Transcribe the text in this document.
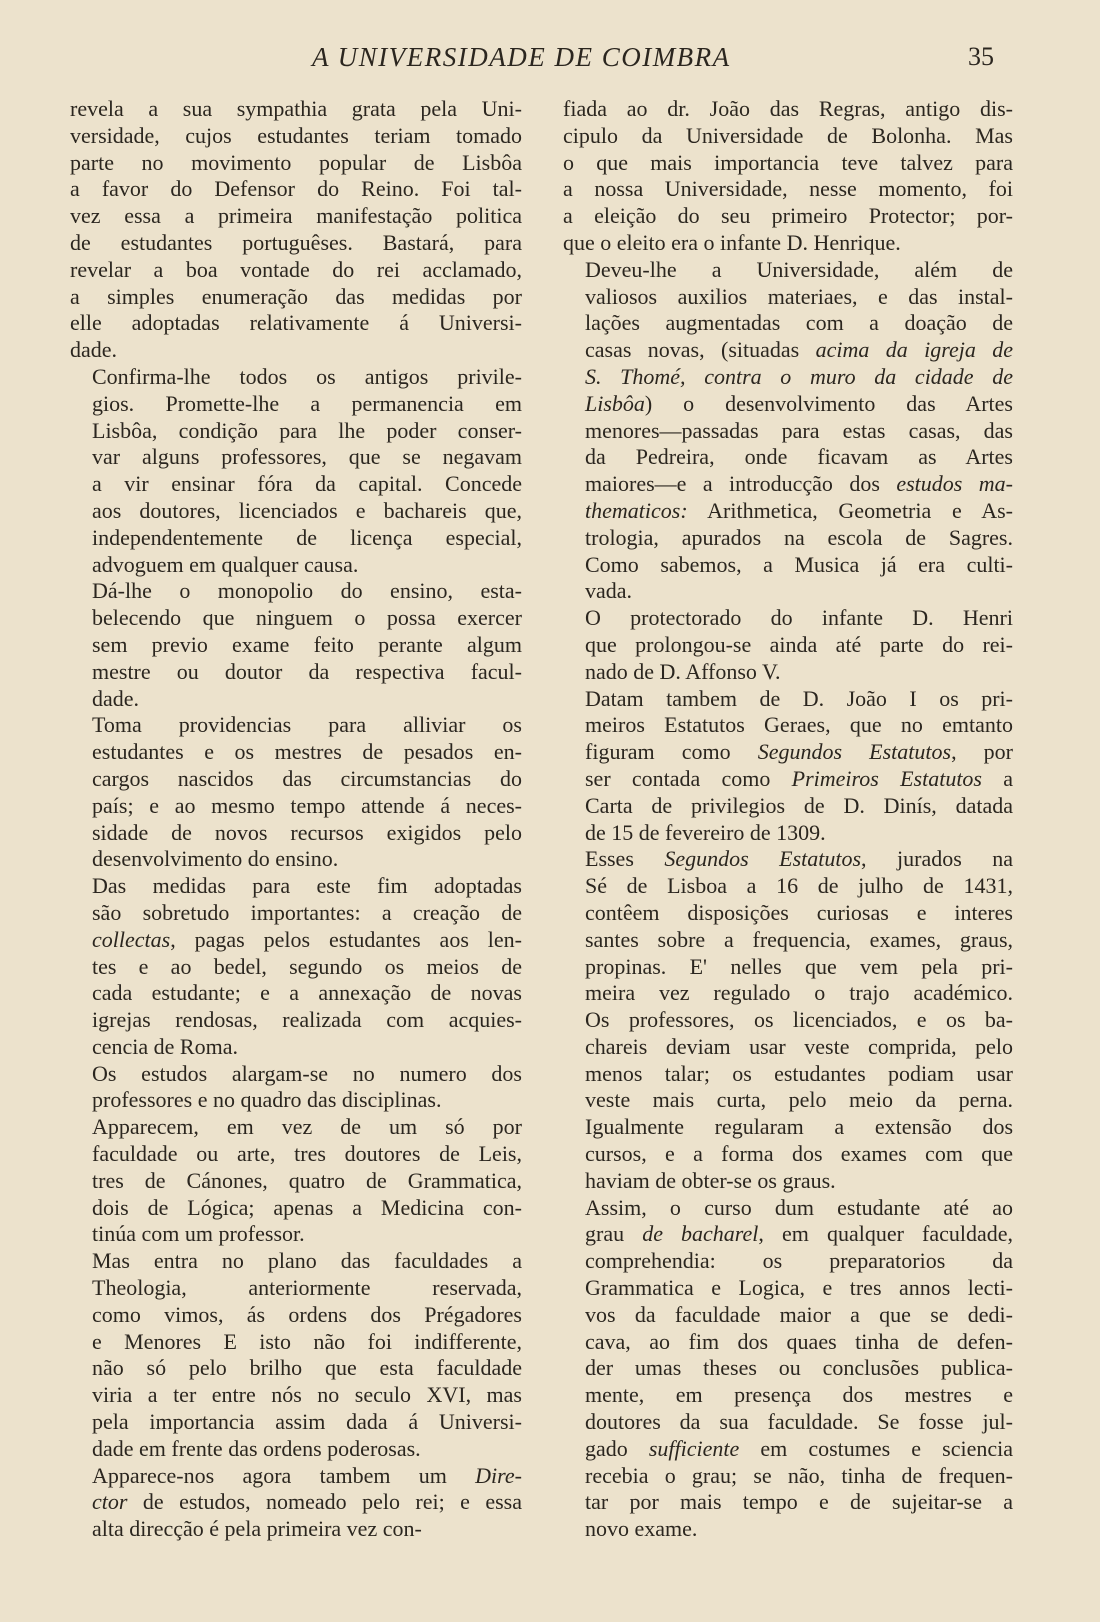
A UNIVERSIDADE DE COIMBRA	35

revela a sua sympathia grata pela Uni-
versidade, cujos estudantes teriam tomado
parte no movimento popular de Lisbôa
a favor do Defensor do Reino. Foi tal-
vez essa a primeira manifestação politica
de estudantes portuguêses. Bastará, para
revelar a boa vontade do rei acclamado,
a simples enumeração das medidas por
elle adoptadas relativamente á Universi-
dade.

Confirma-lhe todos os antigos privile-
gios. Promette-lhe a permanencia em
Lisbôa, condição para lhe poder conser-
var alguns professores, que se negavam
a vir ensinar fóra da capital. Concede
aos doutores, licenciados e bachareis que,
independentemente de licença especial,
advoguem em qualquer causa.

Dá-lhe o monopolio do ensino, esta-
belecendo que ninguem o possa exercer
sem previo exame feito perante algum
mestre ou doutor da respectiva facul-
dade.

Toma providencias para alliviar os
estudantes e os mestres de pesados en-
cargos nascidos das circumstancias do
país; e ao mesmo tempo attende á neces-
sidade de novos recursos exigidos pelo
desenvolvimento do ensino.

Das medidas para este fim adoptadas
são sobretudo importantes: a creação de
collectas, pagas pelos estudantes aos len-
tes e ao bedel, segundo os meios de
cada estudante; e a annexação de novas
igrejas rendosas, realizada com acquies-
cencia de Roma.

Os estudos alargam-se no numero dos
professores e no quadro das disciplinas.

Apparecem, em vez de um só por
faculdade ou arte, tres doutores de Leis,
tres de Cánones, quatro de Grammatica,
dois de Lógica; apenas a Medicina con-
tinúa com um professor.

Mas entra no plano das faculdades a
Theologia, anteriormente reservada,
como vimos, ás ordens dos Prégadores
e Menores E isto não foi indifferente,
não só pelo brilho que esta faculdade
viria a ter entre nós no seculo XVI, mas
pela importancia assim dada á Universi-
dade em frente das ordens poderosas.

Apparece-nos agora tambem um Dire-
ctor de estudos, nomeado pelo rei; e essa
alta direcção é pela primeira vez con-

fiada ao dr. João das Regras, antigo dis-
cipulo da Universidade de Bolonha. Mas
o que mais importancia teve talvez para
a nossa Universidade, nesse momento, foi
a eleição do seu primeiro Protector; por-
que o eleito era o infante D. Henrique.

Deveu-lhe a Universidade, além de
valiosos auxilios materiaes, e das instal-
lações augmentadas com a doação de
casas novas, (situadas acima da igreja de
S. Thomé, contra o muro da cidade de
Lisbôa) o desenvolvimento das Artes
menores—passadas para estas casas, das
da Pedreira, onde ficavam as Artes
maiores—e a introducção dos estudos ma-
thematicos: Arithmetica, Geometria e As-
trologia, apurados na escola de Sagres.
Como sabemos, a Musica já era culti-
vada.

O protectorado do infante D. Henri
que prolongou-se ainda até parte do rei-
nado de D. Affonso V.

Datam tambem de D. João I os pri-
meiros Estatutos Geraes, que no emtanto
figuram como Segundos Estatutos, por
ser contada como Primeiros Estatutos a
Carta de privilegios de D. Dinís, datada
de 15 de fevereiro de 1309.

Esses Segundos Estatutos, jurados na
Sé de Lisboa a 16 de julho de 1431,
contêem disposições curiosas e interes
santes sobre a frequencia, exames, graus,
propinas. E' nelles que vem pela pri-
meira vez regulado o trajo académico.
Os professores, os licenciados, e os ba-
chareis deviam usar veste comprida, pelo
menos talar; os estudantes podiam usar
veste mais curta, pelo meio da perna.
Igualmente regularam a extensão dos
cursos, e a forma dos exames com que
haviam de obter-se os graus.

Assim, o curso dum estudante até ao
grau de bacharel, em qualquer faculdade,
comprehendia: os preparatorios da
Grammatica e Logica, e tres annos lecti-
vos da faculdade maior a que se dedi-
cava, ao fim dos quaes tinha de defen-
der umas theses ou conclusões publica-
mente, em presença dos mestres e
doutores da sua faculdade. Se fosse jul-
gado sufficiente em costumes e sciencia
recebia o grau; se não, tinha de frequen-
tar por mais tempo e de sujeitar-se a
novo exame.
